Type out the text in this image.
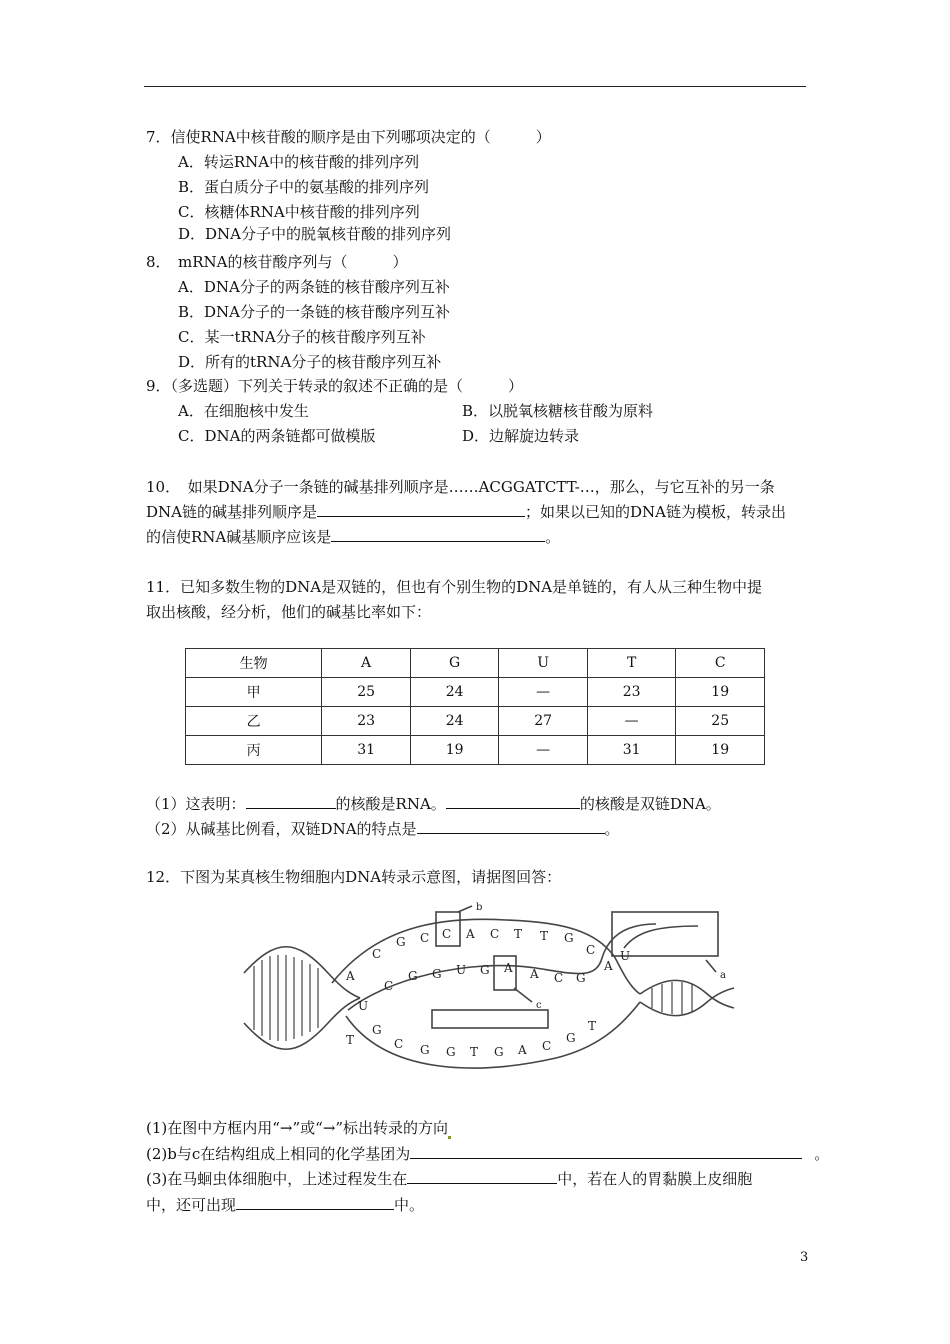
7．信使RNA中核苷酸的顺序是由下列哪项决定的（　　　）
A．转运RNA中的核苷酸的排列序列
B．蛋白质分子中的氨基酸的排列序列
C．核糖体RNA中核苷酸的排列序列
D．DNA分子中的脱氧核苷酸的排列序列
8．　mRNA的核苷酸序列与（　　　）
A．DNA分子的两条链的核苷酸序列互补
B．DNA分子的一条链的核苷酸序列互补
C．某一tRNA分子的核苷酸序列互补
D．所有的tRNA分子的核苷酸序列互补
9．（多选题）下列关于转录的叙述不正确的是（　　　）
A．在细胞核中发生	B．以脱氧核糖核苷酸为原料
C．DNA的两条链都可做模版	D．边解旋边转录
10．　如果DNA分子一条链的碱基排列顺序是……ACGGATCTT-…，那么，与它互补的另一条
DNA链的碱基排列顺序是	；如果以已知的DNA链为模板，转录出
的信使RNA碱基顺序应该是	。
11．已知多数生物的DNA是双链的，但也有个别生物的DNA是单链的，有人从三种生物中提
取出核酸，经分析，他们的碱基比率如下：
生物	A	G	U	T	C
甲	25	24	—	23	19
乙	23	24	27	—	25
丙	31	19	—	31	19
（1）这表明：	的核酸是RNA。	的核酸是双链DNA。
（2）从碱基比例看，双链DNA的特点是	。
12．下图为某真核生物细胞内DNA转录示意图，请据图回答：
C
G C C A C T T G
C
A
A
U
T
U
C
G G U G A A C G
G
C G G T G A C
G
T
b
c
a
(1)在图中方框内用“→”或“→”标出转录的方向
(2)b与c在结构组成上相同的化学基团为	。
(3)在马蛔虫体细胞中，上述过程发生在	中，若在人的胃黏膜上皮细胞
中，还可出现	中。
3
